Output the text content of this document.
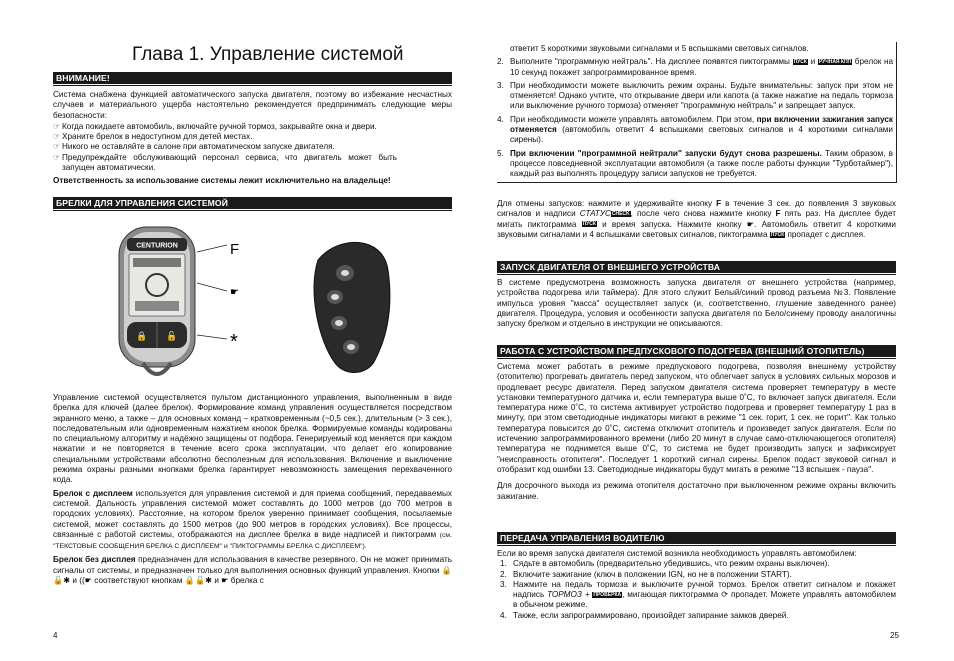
Глава 1. Управление системой
ВНИМАНИЕ!

Система снабжена функцией автоматического запуска двигателя, поэтому во избежание несчастных случаев и материального ущерба настоятельно рекомендуется предпринимать следующие меры безопасности:

☞ Когда покидаете автомобиль, включайте ручной тормоз, закрывайте окна и двери.
☞ Храните брелок в недоступном для детей местах.
☞ Никого не оставляйте в салоне при автоматическом запуске двигателя.
☞ Предупреждайте обслуживающий персонал сервиса, что двигатель может быть запущен автоматически.

Ответственность за использование системы лежит исключительно на владельце!

БРЕЛКИ ДЛЯ УПРАВЛЕНИЯ СИСТЕМОЙ
CENTURION
🔒 🔓
F
☛
*

Управление системой осуществляется пультом дистанционного управления, выполненным в виде брелка для ключей (далее брелок). Формирование команд управления осуществляется посредством экранного меню, а также – для основных команд – кратковременным (~0,5 сек.), длительным (> 3 сек.), последовательным или одновременным нажатием кнопок брелка. Формируемые команды кодированы по специальному алгоритму и надёжно защищены от подбора. Генерируемый код меняется при каждом нажатии и не повторяется в течение всего срока эксплуатации, что делает его копирование специальными устройствами абсолютно бесполезным для использования. Включение и выключение режима охраны разными кнопками брелка гарантирует невозможность замещения перехваченного кода.

Брелок с дисплеем используется для управления системой и для приема сообщений, передаваемых системой. Дальность управления системой может составлять до 1000 метров (до 700 метров в городских условиях). Расстояние, на котором брелок уверенно принимает сообщения, посылаемые системой, может составлять до 1500 метров (до 900 метров в городских условиях). Все процессы, связанные с работой системы, отображаются на дисплее брелка в виде надписей и пиктограмм (см. "ТЕКСТОВЫЕ СООБЩЕНИЯ БРЕЛКА С ДИСПЛЕЕМ" и "ПИКТОГРАММЫ БРЕЛКА С ДИСПЛЕЕМ").

Брелок без дисплея предназначен для использования в качестве резервного. Он не может принимать сигналы от системы, и предназначен только для выполнения основных функций управления. Кнопки 🔒🔓✱ и ((☛ соответствуют кнопкам 🔒🔓✱ и ☛ брелка с

4

ответит 5 короткими звуковыми сигналами и 5 вспышками световых сигналов.

2. Выполните "программную нейтраль". На дисплее появятся пиктограммы ПУСК и РУЧНАЯ КПП брелок на 10 секунд покажет запрограммированное время.
3. При необходимости можете выключить режим охраны. Будьте внимательны: запуск при этом не отменяется! Однако учтите, что открывание двери или капота (а также нажатие на педаль тормоза или выключение ручного тормоза) отменяет "программную нейтраль" и запрещает запуск.
4. При необходимости можете управлять автомобилем. При этом, при включении зажигания запуск отменяется (автомобиль ответит 4 вспышками световых сигналов и 4 короткими сигналами сирены).
5. При включении "программной нейтрали" запуски будут снова разрешены. Таким образом, в процессе повседневной эксплуатации автомобиля (а также после работы функции "Турботаймер"), каждый раз выполнять процедуру записи запусков не требуется.

Для отмены запусков: нажмите и удерживайте кнопку F в течение 3 сек. до появления 3 звуковых сигналов и надписи СТАТУСCHECK, после чего снова нажмите кнопку F пять раз. На дисплее будет мигать пиктограмма ПУСК и время запуска. Нажмите кнопку ☛. Автомобиль ответит 4 короткими звуковыми сигналами и 4 вспышками световых сигналов, пиктограмма ПУСК пропадет с дисплея.

ЗАПУСК ДВИГАТЕЛЯ ОТ ВНЕШНЕГО УСТРОЙСТВА

В системе предусмотрена возможность запуска двигателя от внешнего устройства (например, устройства подогрева или таймера). Для этого служит Белый/синий провод разъема №3. Появление импульса уровня "масса" осуществляет запуск (и, соответственно, глушение заведенного ранее) двигателя. Процедура, условия и особенности запуска двигателя по Белo/синему проводу аналогичны запуску брелком и отдельно в инструкции не описываются.

РАБОТА С УСТРОЙСТВОМ ПРЕДПУСКОВОГО ПОДОГРЕВА (ВНЕШНИЙ ОТОПИТЕЛЬ)

Система может работать в режиме предпускового подогрева, позволяя внешнему устройству (отопителю) прогревать двигатель перед запуском, что облегчает запуск в условиях сильных морозов и продлевает ресурс двигателя. Перед запуском двигателя система проверяет температуру в месте установки температурного датчика и, если температура выше 0˚С, то включает запуск двигателя. Если температура ниже 0˚С, то система активирует устройство подогрева и проверяет температуру 1 раз в минуту, при этом светодиодные индикаторы мигают в режиме "1 сек. горит, 1 сек. не горит". Как только температура повысится до 0˚С, система отключит отопитель и произведет запуск двигателя. Если по истечению запрограммированного времени (либо 20 минут в случае само-отключающегося отопителя) температура не поднимется выше 0˚С, то система не будет производить запуск и зафиксирует "неисправность отопителя". Последует 1 короткий сигнал сирены. Брелок подаст звуковой сигнал и отобразит код ошибки 13. Светодиодные индикаторы будут мигать в режиме "13 вспышек - пауза".

Для досрочного выхода из режима отопителя достаточно при выключенном режиме охраны включить зажигание.

ПЕРЕДАЧА УПРАВЛЕНИЯ ВОДИТЕЛЮ

Если во время запуска двигателя системой возникла необходимость управлять автомобилем:

1. Сядьте в автомобиль (предварительно убедившись, что режим охраны выключен).
2. Включите зажигание (ключ в положении IGN, но не в положении START).
3. Нажмите на педаль тормоза и выключите ручной тормоз. Брелок ответит сигналом и покажет надпись ТОРМОЗ + ПРОВЕРКА, мигающая пиктограмма ⟳ пропадет. Можете управлять автомобилем в обычном режиме.
4. Также, если запрограммировано, произойдет запирание замков дверей.
25
